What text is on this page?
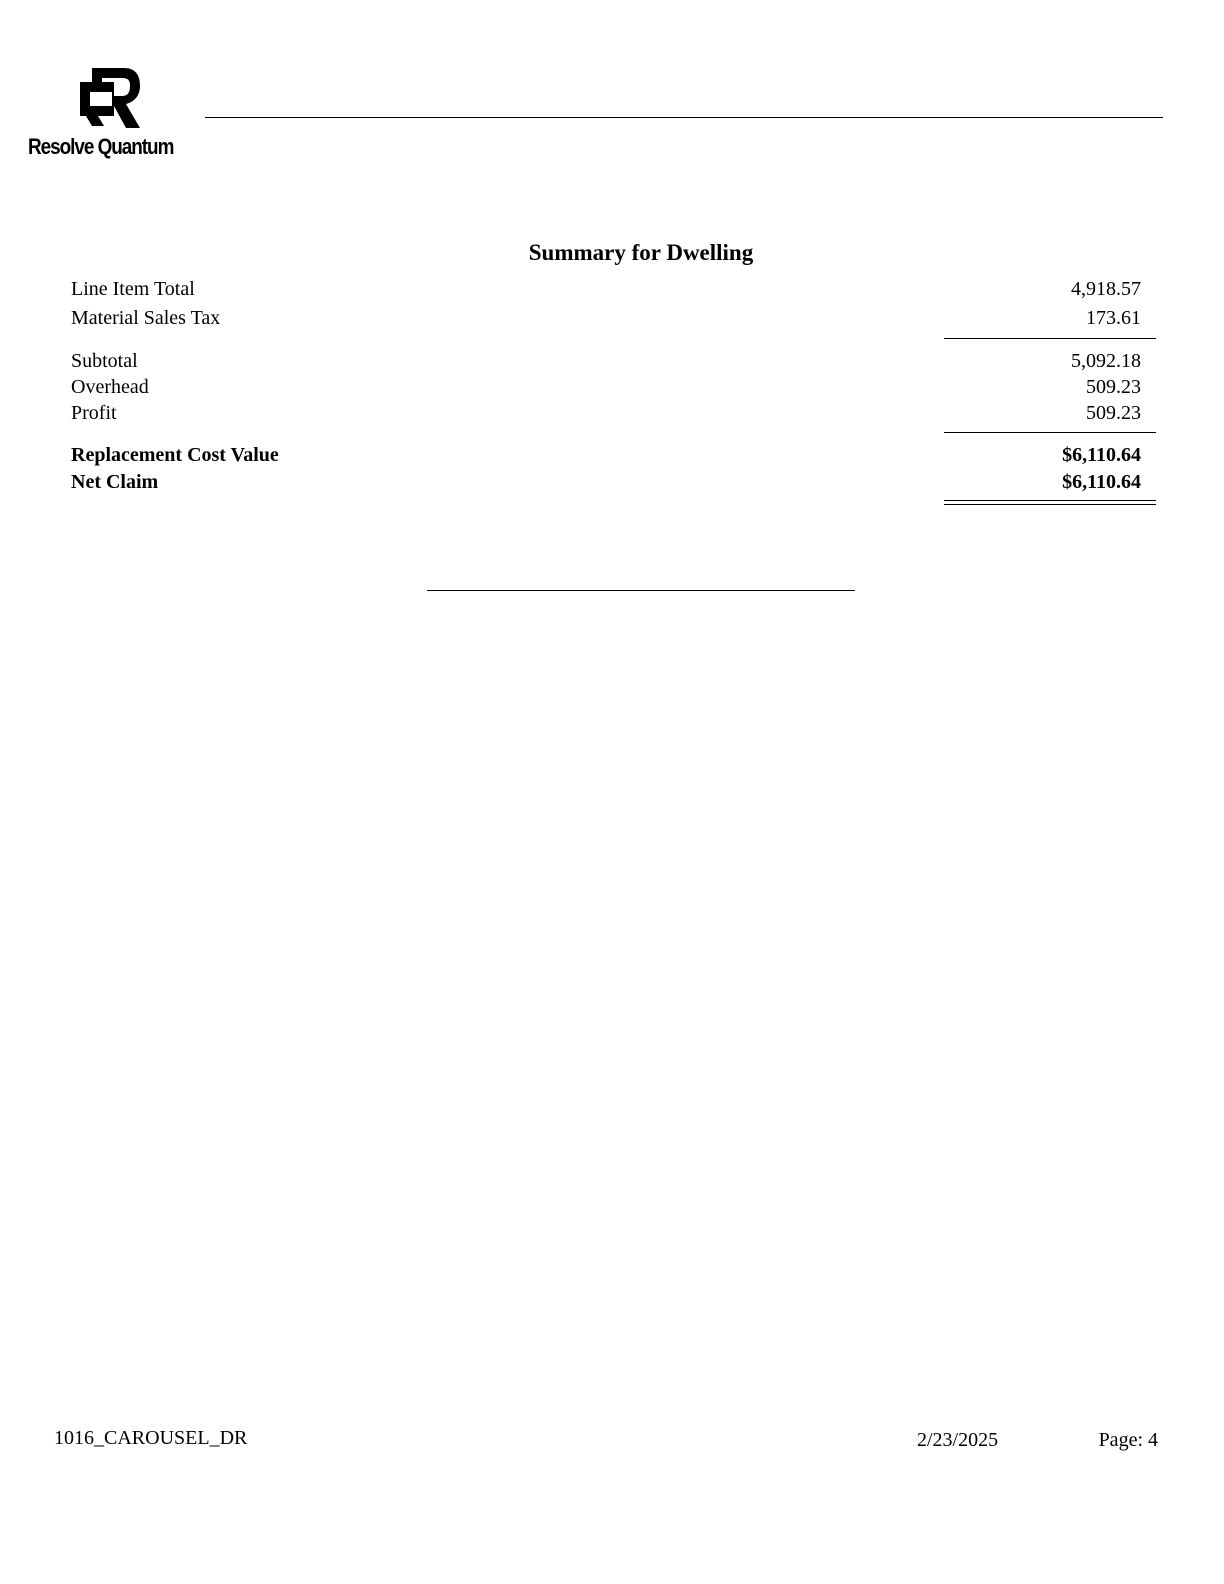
Resolve Quantum
Summary for Dwelling
Line Item Total	4,918.57
Material Sales Tax	173.61
Subtotal	5,092.18
Overhead	509.23
Profit	509.23
Replacement Cost Value	$6,110.64
Net Claim	$6,110.64
1016_CAROUSEL_DR	2/23/2025	Page: 4
